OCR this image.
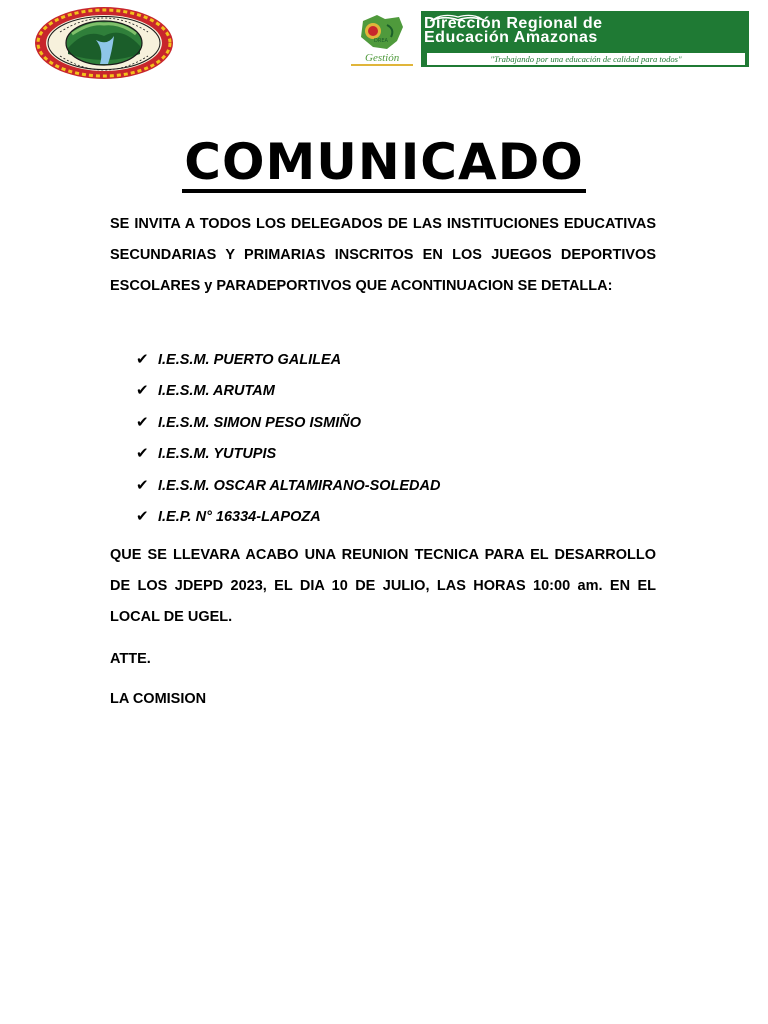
DREA
Gestión
Dirección Regional de
Educación Amazonas
"Trabajando por una educación de calidad para todos"
COMUNICADO

SE INVITA A TODOS LOS DELEGADOS DE LAS INSTITUCIONES EDUCATIVAS SECUNDARIAS Y PRIMARIAS INSCRITOS EN LOS JUEGOS DEPORTIVOS ESCOLARES y PARADEPORTIVOS QUE ACONTINUACION SE DETALLA:

✔ I.E.S.M. PUERTO GALILEA
✔ I.E.S.M. ARUTAM
✔ I.E.S.M. SIMON PESO ISMIÑO
✔ I.E.S.M. YUTUPIS
✔ I.E.S.M. OSCAR ALTAMIRANO-SOLEDAD
✔ I.E.P. N° 16334-LAPOZA

QUE SE LLEVARA ACABO UNA REUNION TECNICA PARA EL DESARROLLO DE LOS JDEPD 2023, EL DIA 10 DE JULIO, LAS HORAS 10:00 am. EN EL LOCAL DE UGEL.

ATTE.

LA COMISION
